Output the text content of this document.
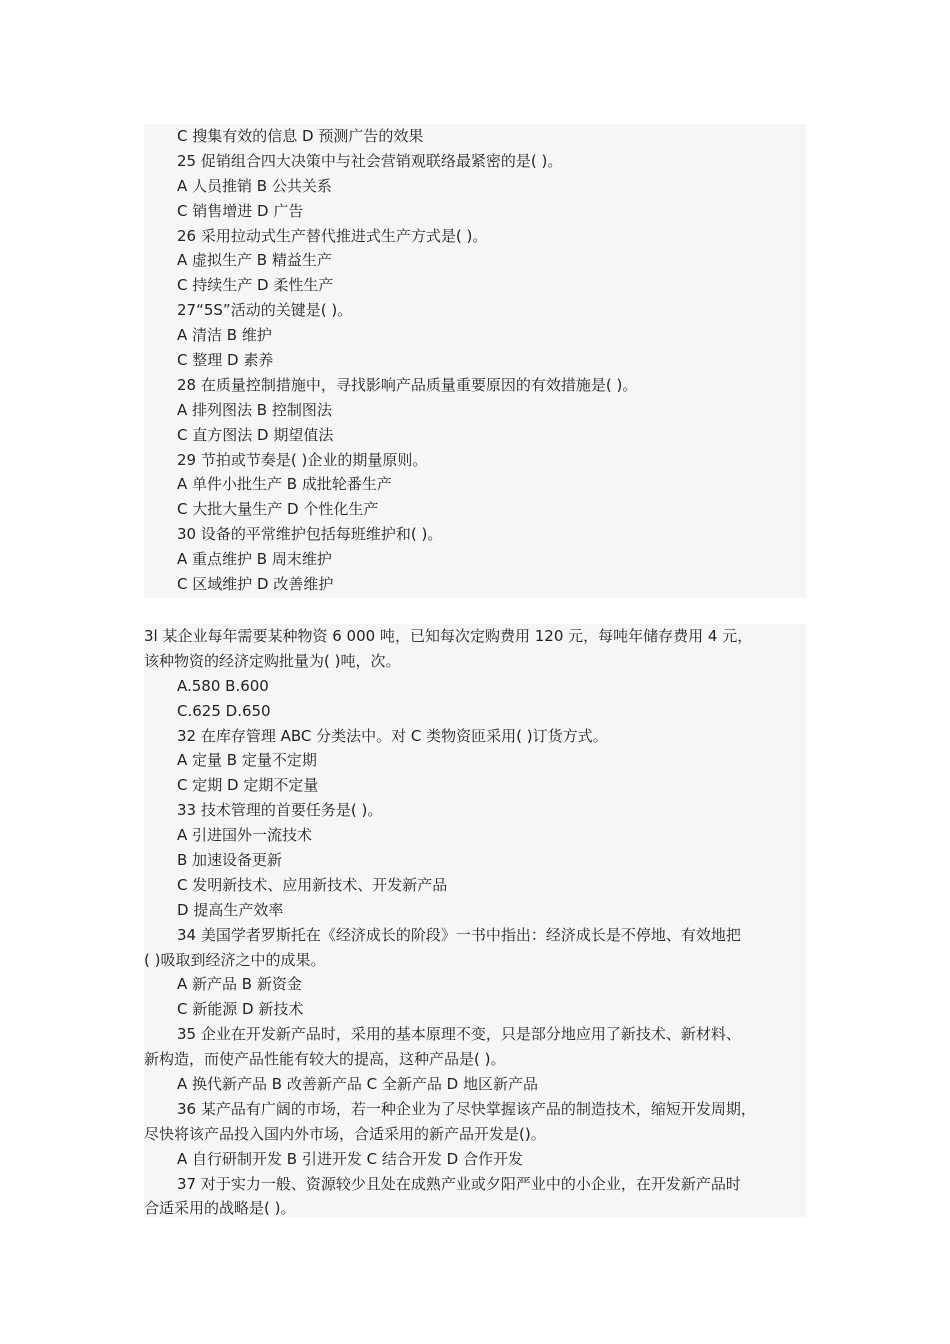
C 搜集有效的信息 D 预测广告的效果
25 促销组合四大决策中与社会营销观联络最紧密的是( )。
A 人员推销 B 公共关系
C 销售增进 D 广告
26 采用拉动式生产替代推进式生产方式是( )。
A 虚拟生产 B 精益生产
C 持续生产 D 柔性生产
27“5S”活动的关键是( )。
A 清洁 B 维护
C 整理 D 素养
28 在质量控制措施中，寻找影响产品质量重要原因的有效措施是( )。
A 排列图法 B 控制图法
C 直方图法 D 期望值法
29 节拍或节奏是( )企业的期量原则。
A 单件小批生产 B 成批轮番生产
C 大批大量生产 D 个性化生产
30 设备的平常维护包括每班维护和( )。
A 重点维护 B 周末维护
C 区域维护 D 改善维护
3l 某企业每年需要某种物资 6 000 吨，已知每次定购费用 120 元，每吨年储存费用 4 元，
该种物资的经济定购批量为( )吨，次。
A.580 B.600
C.625 D.650
32 在库存管理 ABC 分类法中。对 C 类物资匝采用( )订货方式。
A 定量 B 定量不定期
C 定期 D 定期不定量
33 技术管理的首要任务是( )。
A 引进国外一流技术
B 加速设备更新
C 发明新技术、应用新技术、开发新产品
D 提高生产效率
34 美国学者罗斯托在《经济成长的阶段》一书中指出：经济成长是不停地、有效地把
( )吸取到经济之中的成果。
A 新产品 B 新资金
C 新能源 D 新技术
35 企业在开发新产品时，采用的基本原理不变，只是部分地应用了新技术、新材料、
新构造，而使产品性能有较大的提高，这种产品是( )。
A 换代新产品 B 改善新产品 C 全新产品 D 地区新产品
36 某产品有广阔的市场，若一种企业为了尽快掌握该产品的制造技术，缩短开发周期，
尽快将该产品投入国内外市场，合适采用的新产品开发是()。
A 自行研制开发 B 引进开发 C 结合开发 D 合作开发
37 对于实力一般、资源较少且处在成熟产业或夕阳严业中的小企业，在开发新产品时
合适采用的战略是( )。
